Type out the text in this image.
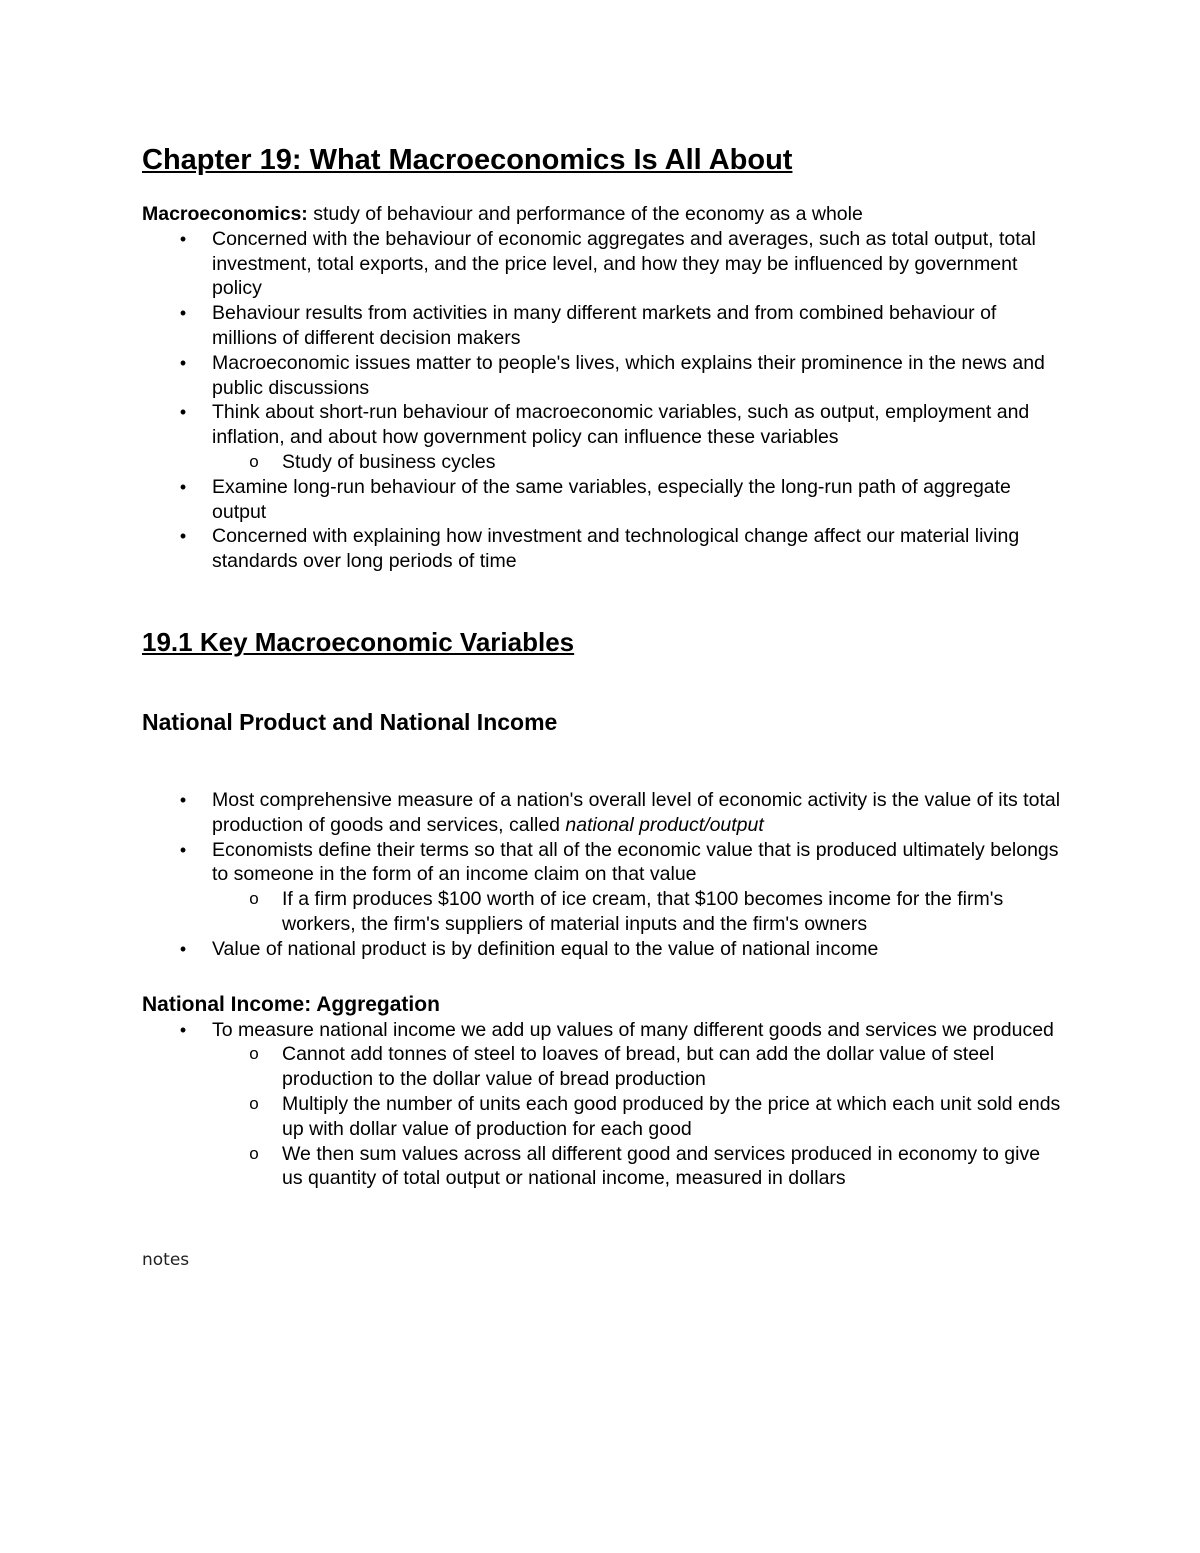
Chapter 19: What Macroeconomics Is All About

Macroeconomics: study of behaviour and performance of the economy as a whole

• Concerned with the behaviour of economic aggregates and averages, such as total output, total investment, total exports, and the price level, and how they may be influenced by government policy
• Behaviour results from activities in many different markets and from combined behaviour of millions of different decision makers
• Macroeconomic issues matter to people's lives, which explains their prominence in the news and public discussions
• Think about short-run behaviour of macroeconomic variables, such as output, employment and inflation, and about how government policy can influence these variables
o Study of business cycles
• Examine long-run behaviour of the same variables, especially the long-run path of aggregate output
• Concerned with explaining how investment and technological change affect our material living standards over long periods of time
19.1 Key Macroeconomic Variables
National Product and National Income
• Most comprehensive measure of a nation's overall level of economic activity is the value of its total production of goods and services, called national product/output
• Economists define their terms so that all of the economic value that is produced ultimately belongs to someone in the form of an income claim on that value
o If a firm produces $100 worth of ice cream, that $100 becomes income for the firm's workers, the firm's suppliers of material inputs and the firm's owners
• Value of national product is by definition equal to the value of national income
National Income: Aggregation
• To measure national income we add up values of many different goods and services we produced
o Cannot add tonnes of steel to loaves of bread, but can add the dollar value of steel production to the dollar value of bread production
o Multiply the number of units each good produced by the price at which each unit sold ends up with dollar value of production for each good
o We then sum values across all different good and services produced in economy to give us quantity of total output or national income, measured in dollars
notes
